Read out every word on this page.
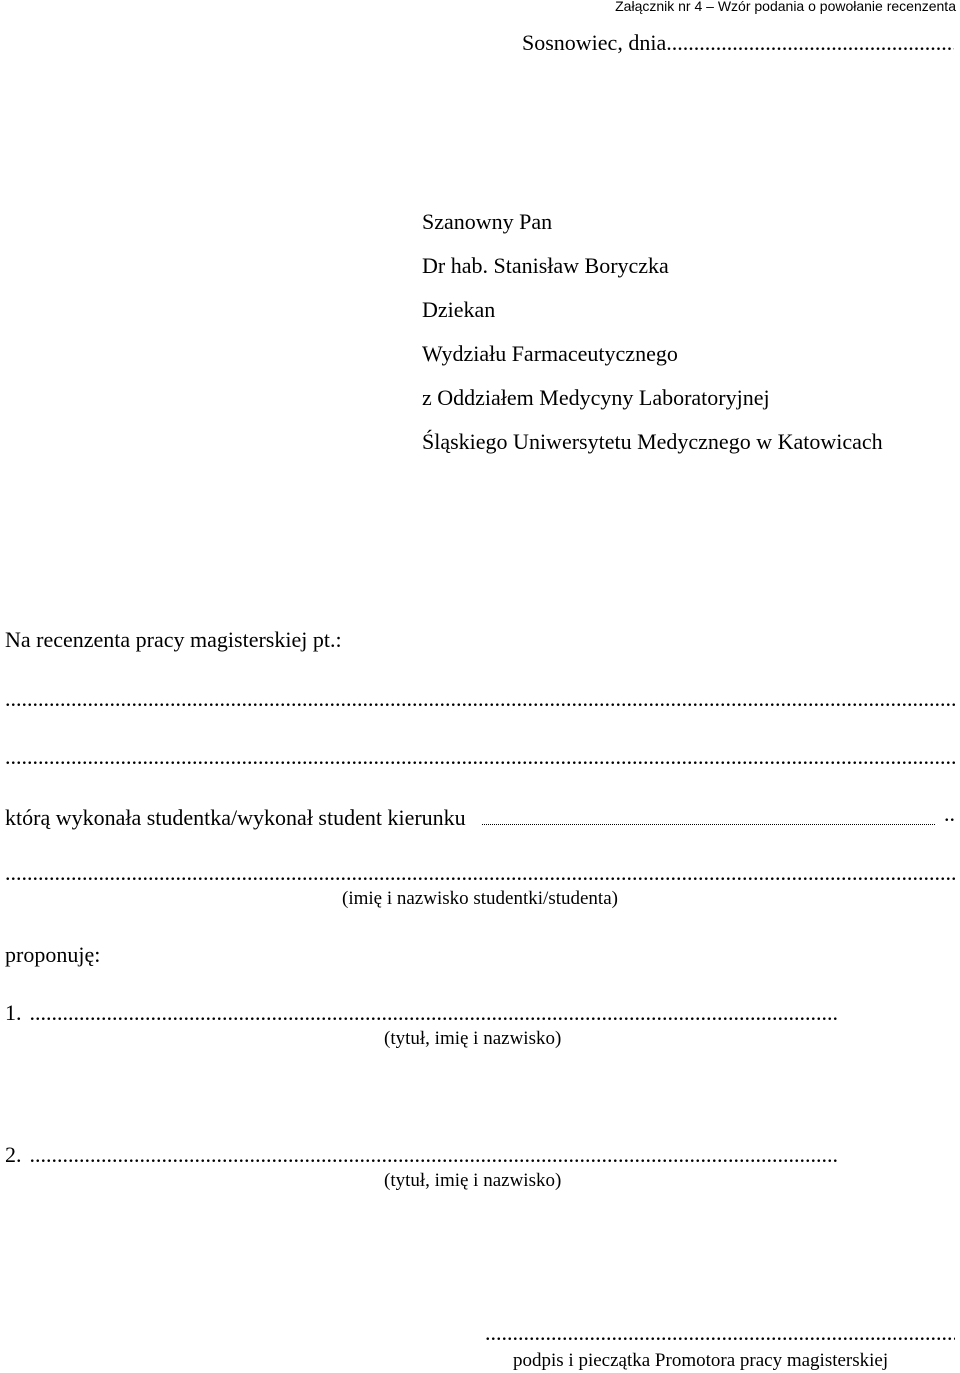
Załącznik nr 4 – Wzór podania o powołanie recenzenta
Sosnowiec, dnia
.....
Szanowny Pan
Dr hab. Stanisław Boryczka
Dziekan
Wydziału Farmaceutycznego
z Oddziałem Medycyny Laboratoryjnej
Śląskiego Uniwersytetu Medycznego w Katowicach
Na recenzenta pracy magisterskiej pt.:
.....
.....
którą wykonała studentka/wykonał student kierunku	..
.....
(imię i nazwisko studentki/studenta)
proponuję:
1.
.....
(tytuł, imię i nazwisko)
2.
.....
(tytuł, imię i nazwisko)
.....
podpis i pieczątka Promotora pracy magisterskiej
